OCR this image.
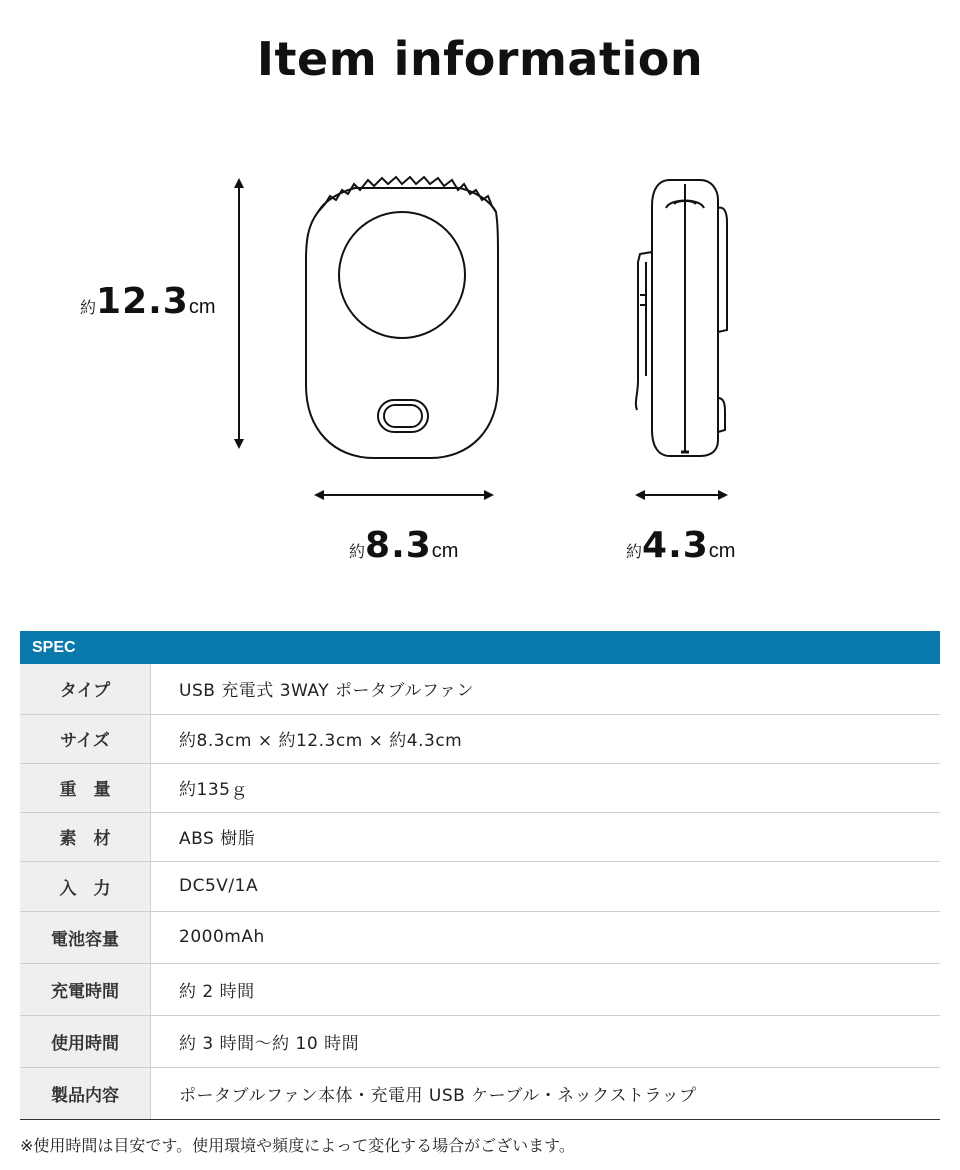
Item information
約12.3cm
約8.3cm	約4.3cm
SPEC
タイプ	USB 充電式 3WAY ポータブルファン
サイズ	約8.3cm × 約12.3cm × 約4.3cm
重　量	約135ｇ
素　材	ABS 樹脂
入　力	DC5V/1A
電池容量	2000mAh
充電時間	約 2 時間
使用時間	約 3 時間～約 10 時間
製品内容	ポータブルファン本体・充電用 USB ケーブル・ネックストラップ
※使用時間は目安です。使用環境や頻度によって変化する場合がございます。
